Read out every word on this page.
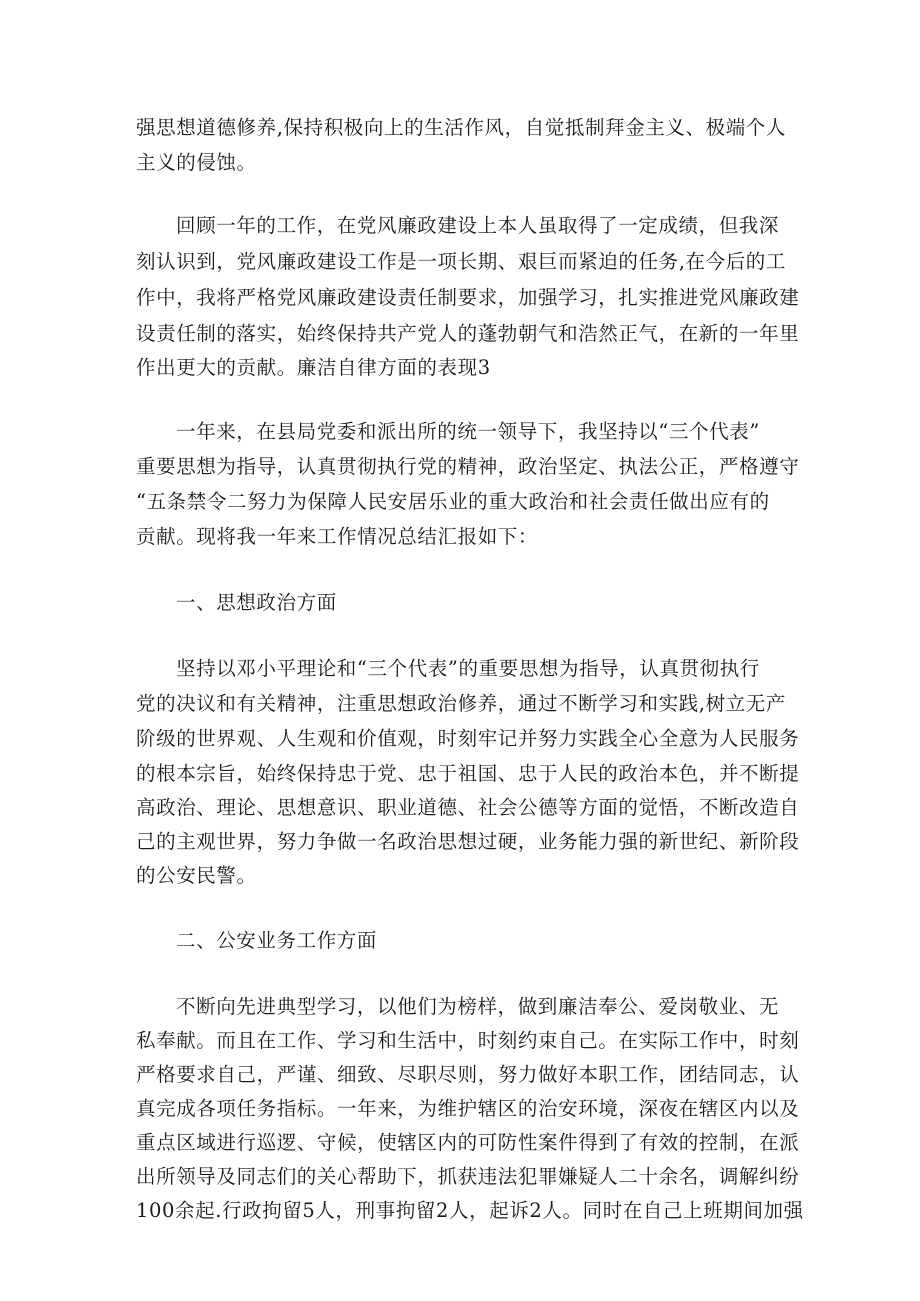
强思想道德修养,保持积极向上的生活作风，自觉抵制拜金主义、极端个人
主义的侵蚀。
回顾一年的工作，在党风廉政建设上本人虽取得了一定成绩，但我深
刻认识到，党风廉政建设工作是一项长期、艰巨而紧迫的任务,在今后的工
作中，我将严格党风廉政建设责任制要求，加强学习，扎实推进党风廉政建
设责任制的落实，始终保持共产党人的蓬勃朝气和浩然正气，在新的一年里
作出更大的贡献。廉洁自律方面的表现3
一年来，在县局党委和派出所的统一领导下，我坚持以“三个代表”
重要思想为指导，认真贯彻执行党的精神，政治坚定、执法公正，严格遵守
“五条禁令二努力为保障人民安居乐业的重大政治和社会责任做出应有的
贡献。现将我一年来工作情况总结汇报如下：
一、思想政治方面
坚持以邓小平理论和“三个代表”的重要思想为指导，认真贯彻执行
党的决议和有关精神，注重思想政治修养，通过不断学习和实践,树立无产
阶级的世界观、人生观和价值观，时刻牢记并努力实践全心全意为人民服务
的根本宗旨，始终保持忠于党、忠于祖国、忠于人民的政治本色，并不断提
高政治、理论、思想意识、职业道德、社会公德等方面的觉悟，不断改造自
己的主观世界，努力争做一名政治思想过硬，业务能力强的新世纪、新阶段
的公安民警。
二、公安业务工作方面
不断向先进典型学习，以他们为榜样，做到廉洁奉公、爱岗敬业、无
私奉献。而且在工作、学习和生活中，时刻约束自己。在实际工作中，时刻
严格要求自己，严谨、细致、尽职尽则，努力做好本职工作，团结同志，认
真完成各项任务指标。一年来，为维护辖区的治安环境，深夜在辖区内以及
重点区域进行巡逻、守候，使辖区内的可防性案件得到了有效的控制，在派
出所领导及同志们的关心帮助下，抓获违法犯罪嫌疑人二十余名，调解纠纷
100余起.行政拘留5人，刑事拘留2人，起诉2人。同时在自己上班期间加强
